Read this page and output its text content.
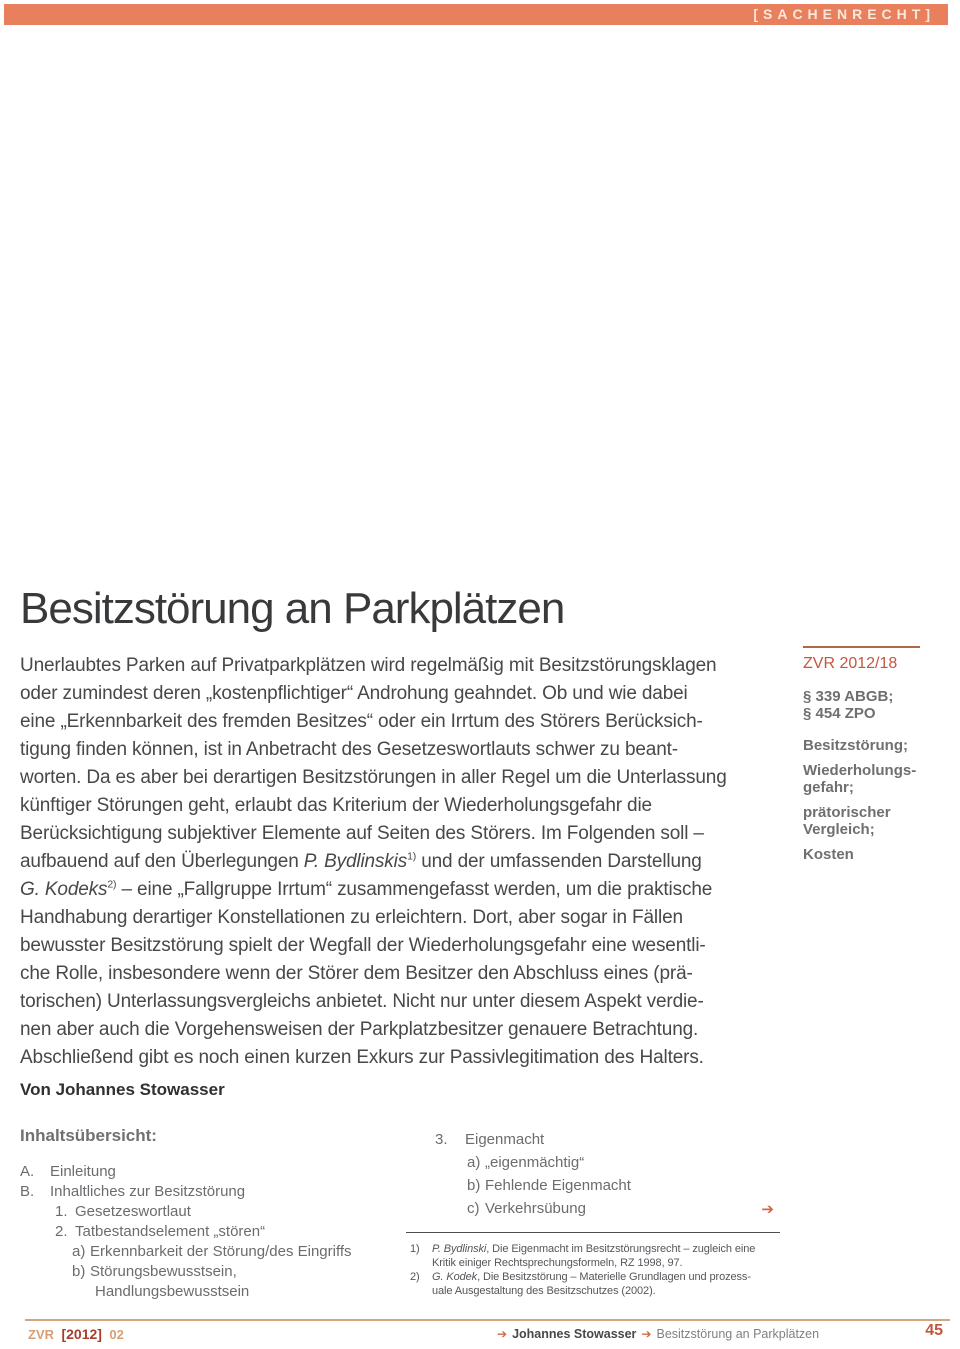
[SACHENRECHT]
Besitzstörung an Parkplätzen
Unerlaubtes Parken auf Privatparkplätzen wird regelmäßig mit Besitzstörungsklagen
oder zumindest deren „kostenpflichtiger“ Androhung geahndet. Ob und wie dabei
eine „Erkennbarkeit des fremden Besitzes“ oder ein Irrtum des Störers Berücksich-
tigung finden können, ist in Anbetracht des Gesetzeswortlauts schwer zu beant-
worten. Da es aber bei derartigen Besitzstörungen in aller Regel um die Unterlassung
künftiger Störungen geht, erlaubt das Kriterium der Wiederholungsgefahr die
Berücksichtigung subjektiver Elemente auf Seiten des Störers. Im Folgenden soll –
aufbauend auf den Überlegungen P. Bydlinskis$^{1)}$ und der umfassenden Darstellung
G. Kodeks$^{2)}$ – eine „Fallgruppe Irrtum“ zusammengefasst werden, um die praktische
Handhabung derartiger Konstellationen zu erleichtern. Dort, aber sogar in Fällen
bewusster Besitzstörung spielt der Wegfall der Wiederholungsgefahr eine wesentli-
che Rolle, insbesondere wenn der Störer dem Besitzer den Abschluss eines (prä-
torischen) Unterlassungsvergleichs anbietet. Nicht nur unter diesem Aspekt verdie-
nen aber auch die Vorgehensweisen der Parkplatzbesitzer genauere Betrachtung.
Abschließend gibt es noch einen kurzen Exkurs zur Passivlegitimation des Halters.
Von Johannes Stowasser
Inhaltsübersicht:
A.	Einleitung
B.	Inhaltliches zur Besitzstörung
1. Gesetzeswortlaut
2. Tatbestandselement „stören“
a) Erkennbarkeit der Störung/des Eingriffs
b) Störungsbewusstsein,
Handlungsbewusstsein
3.	Eigenmacht
a) „eigenmächtig“
b) Fehlende Eigenmacht
c) Verkehrsübung	➔
1)	P. Bydlinski, Die Eigenmacht im Besitzstörungsrecht – zugleich eine
Kritik einiger Rechtsprechungsformeln, RZ 1998, 97.
2)	G. Kodek, Die Besitzstörung – Materielle Grundlagen und prozess-
uale Ausgestaltung des Besitzschutzes (2002).
ZVR 2012/18
§ 339 ABGB;
§ 454 ZPO
Besitzstörung;
Wiederholungs-
gefahr;
prätorischer
Vergleich;
Kosten
ZVR [2012] 02	➔ Johannes Stowasser ➔ Besitzstörung an Parkplätzen	45
